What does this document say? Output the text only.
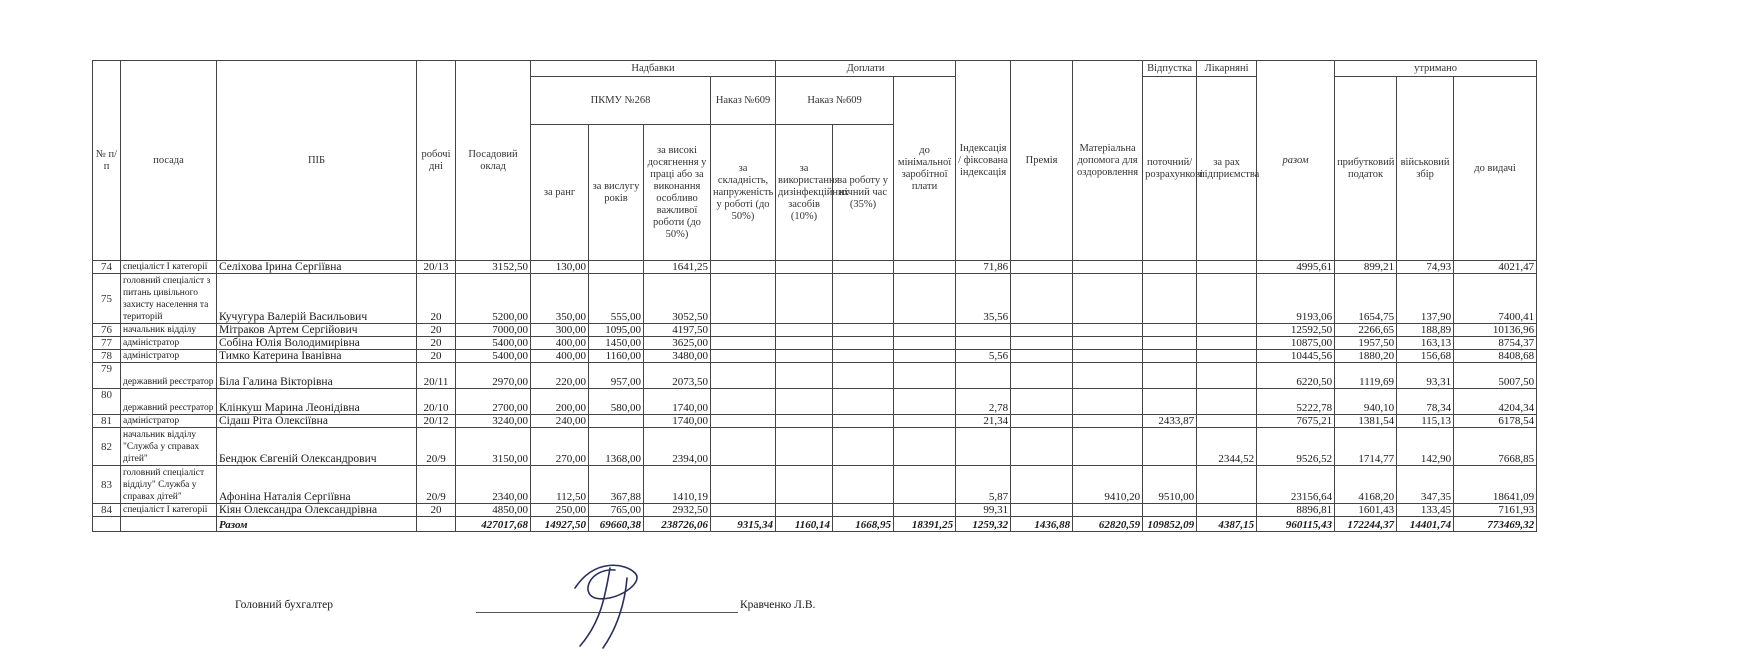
№ п/п	посада	ПІБ	робочі дні	Посадовий оклад	Надбавки				Доплати			Індексація / фіксована індексація	Премія	Матеріальна допомога для оздоровлення	Відпустка	Лікарняні	разом	утримано		
					ПКМУ №268			Наказ №609	Наказ №609		до мінімальної заробітної плати				поточний/ розрахункові	за рах підприємства		прибутковий податок	військовий збір	до видачі
					за ранг	за вислугу років	за високі досягнення у праці або за виконання особливо важливої роботи (до 50%)	за складність, напруженість у роботі (до 50%)	за використання дизінфекційних засобів (10%)	за роботу у нічний час (35%)										
74	спеціаліст І категорії	Селіхова Ірина Сергіївна	20/13	3152,50	130,00		1641,25					71,86					4995,61	899,21	74,93	4021,47
75	головний спеціаліст з питань цивільного захисту населення та територій	Кучугура Валерій Васильович	20	5200,00	350,00	555,00	3052,50					35,56					9193,06	1654,75	137,90	7400,41
76	начальник відділу	Мітраков Артем Сергійович	20	7000,00	300,00	1095,00	4197,50										12592,50	2266,65	188,89	10136,96
77	адміністратор	Собіна Юлія Володимирівна	20	5400,00	400,00	1450,00	3625,00										10875,00	1957,50	163,13	8754,37
78	адміністратор	Тимко Катерина Іванівна	20	5400,00	400,00	1160,00	3480,00					5,56					10445,56	1880,20	156,68	8408,68
79	державний реєстратор	Біла Галина Вікторівна	20/11	2970,00	220,00	957,00	2073,50										6220,50	1119,69	93,31	5007,50
80	державний реєстратор	Клінкуш Марина Леонідівна	20/10	2700,00	200,00	580,00	1740,00					2,78					5222,78	940,10	78,34	4204,34
81	адміністратор	Сідаш Ріта Олексіївна	20/12	3240,00	240,00		1740,00					21,34			2433,87		7675,21	1381,54	115,13	6178,54
82	начальник відділу "Служба у справах дітей"	Бендюк Євгеній Олександрович	20/9	3150,00	270,00	1368,00	2394,00									2344,52	9526,52	1714,77	142,90	7668,85
83	головний спеціаліст відділу" Служба у справах дітей"	Афоніна Наталія Сергіївна	20/9	2340,00	112,50	367,88	1410,19					5,87		9410,20	9510,00		23156,64	4168,20	347,35	18641,09
84	спеціаліст І категорії	Кіян Олександра Олександрівна	20	4850,00	250,00	765,00	2932,50					99,31					8896,81	1601,43	133,45	7161,93
		Разом		427017,68	14927,50	69660,38	238726,06	9315,34	1160,14	1668,95	18391,25	1259,32	1436,88	62820,59	109852,09	4387,15	960115,43	172244,37	14401,74	773469,32
Головний бухгалтер	Кравченко Л.В.
